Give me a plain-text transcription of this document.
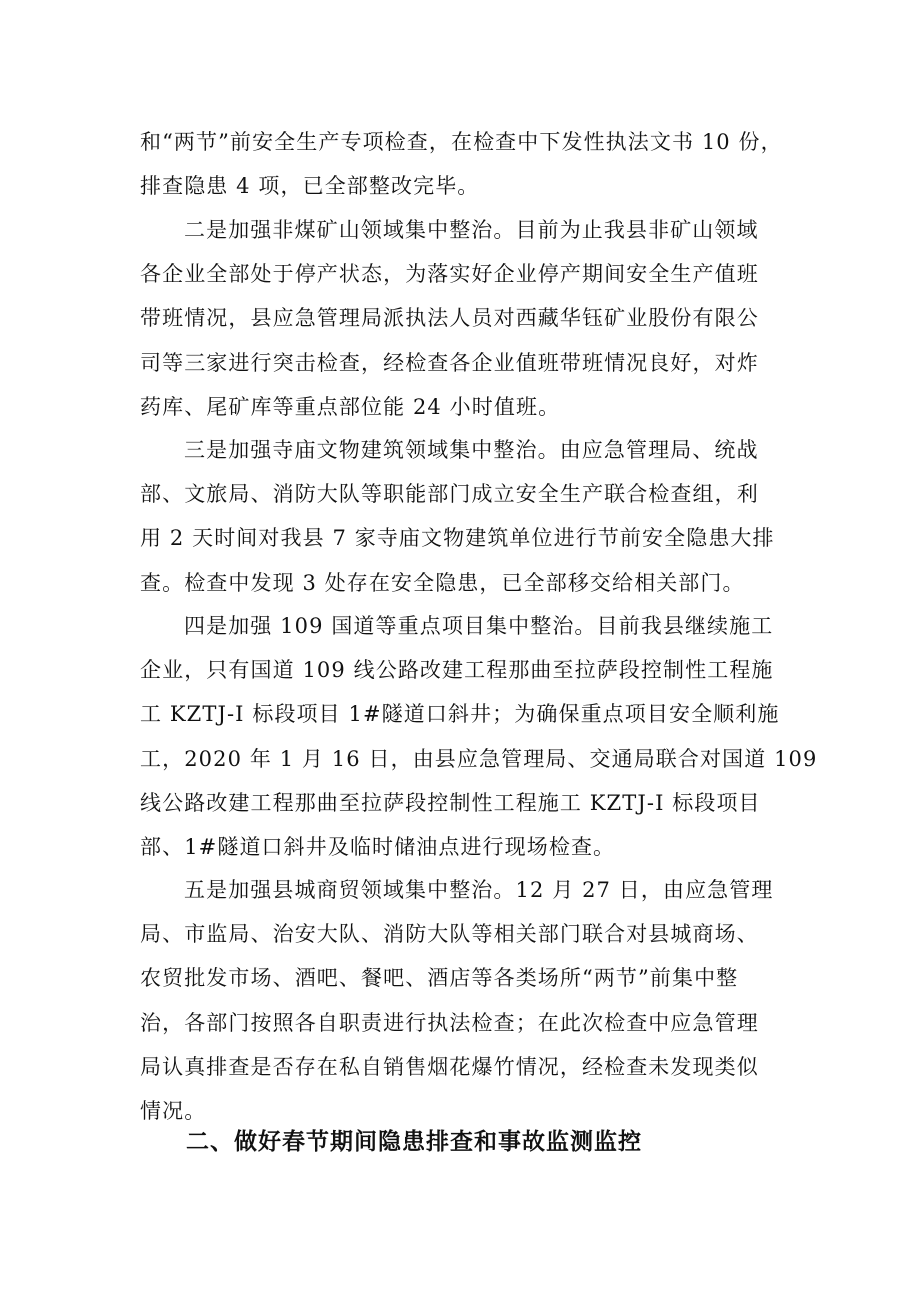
和“两节”前安全生产专项检查，在检查中下发性执法文书 10 份，
排查隐患 4 项，已全部整改完毕。
二是加强非煤矿山领域集中整治。目前为止我县非矿山领域
各企业全部处于停产状态，为落实好企业停产期间安全生产值班
带班情况，县应急管理局派执法人员对西藏华钰矿业股份有限公
司等三家进行突击检查，经检查各企业值班带班情况良好，对炸
药库、尾矿库等重点部位能 24 小时值班。
三是加强寺庙文物建筑领域集中整治。由应急管理局、统战
部、文旅局、消防大队等职能部门成立安全生产联合检查组，利
用 2 天时间对我县 7 家寺庙文物建筑单位进行节前安全隐患大排
查。检查中发现 3 处存在安全隐患，已全部移交给相关部门。
四是加强 109 国道等重点项目集中整治。目前我县继续施工
企业，只有国道 109 线公路改建工程那曲至拉萨段控制性工程施
工 KZTJ-I 标段项目 1#隧道口斜井；为确保重点项目安全顺利施
工，2020 年 1 月 16 日，由县应急管理局、交通局联合对国道 109
线公路改建工程那曲至拉萨段控制性工程施工 KZTJ-I 标段项目
部、1#隧道口斜井及临时储油点进行现场检查。
五是加强县城商贸领域集中整治。12 月 27 日，由应急管理
局、市监局、治安大队、消防大队等相关部门联合对县城商场、
农贸批发市场、酒吧、餐吧、酒店等各类场所“两节”前集中整
治，各部门按照各自职责进行执法检查；在此次检查中应急管理
局认真排查是否存在私自销售烟花爆竹情况，经检查未发现类似
情况。
二、做好春节期间隐患排查和事故监测监控
